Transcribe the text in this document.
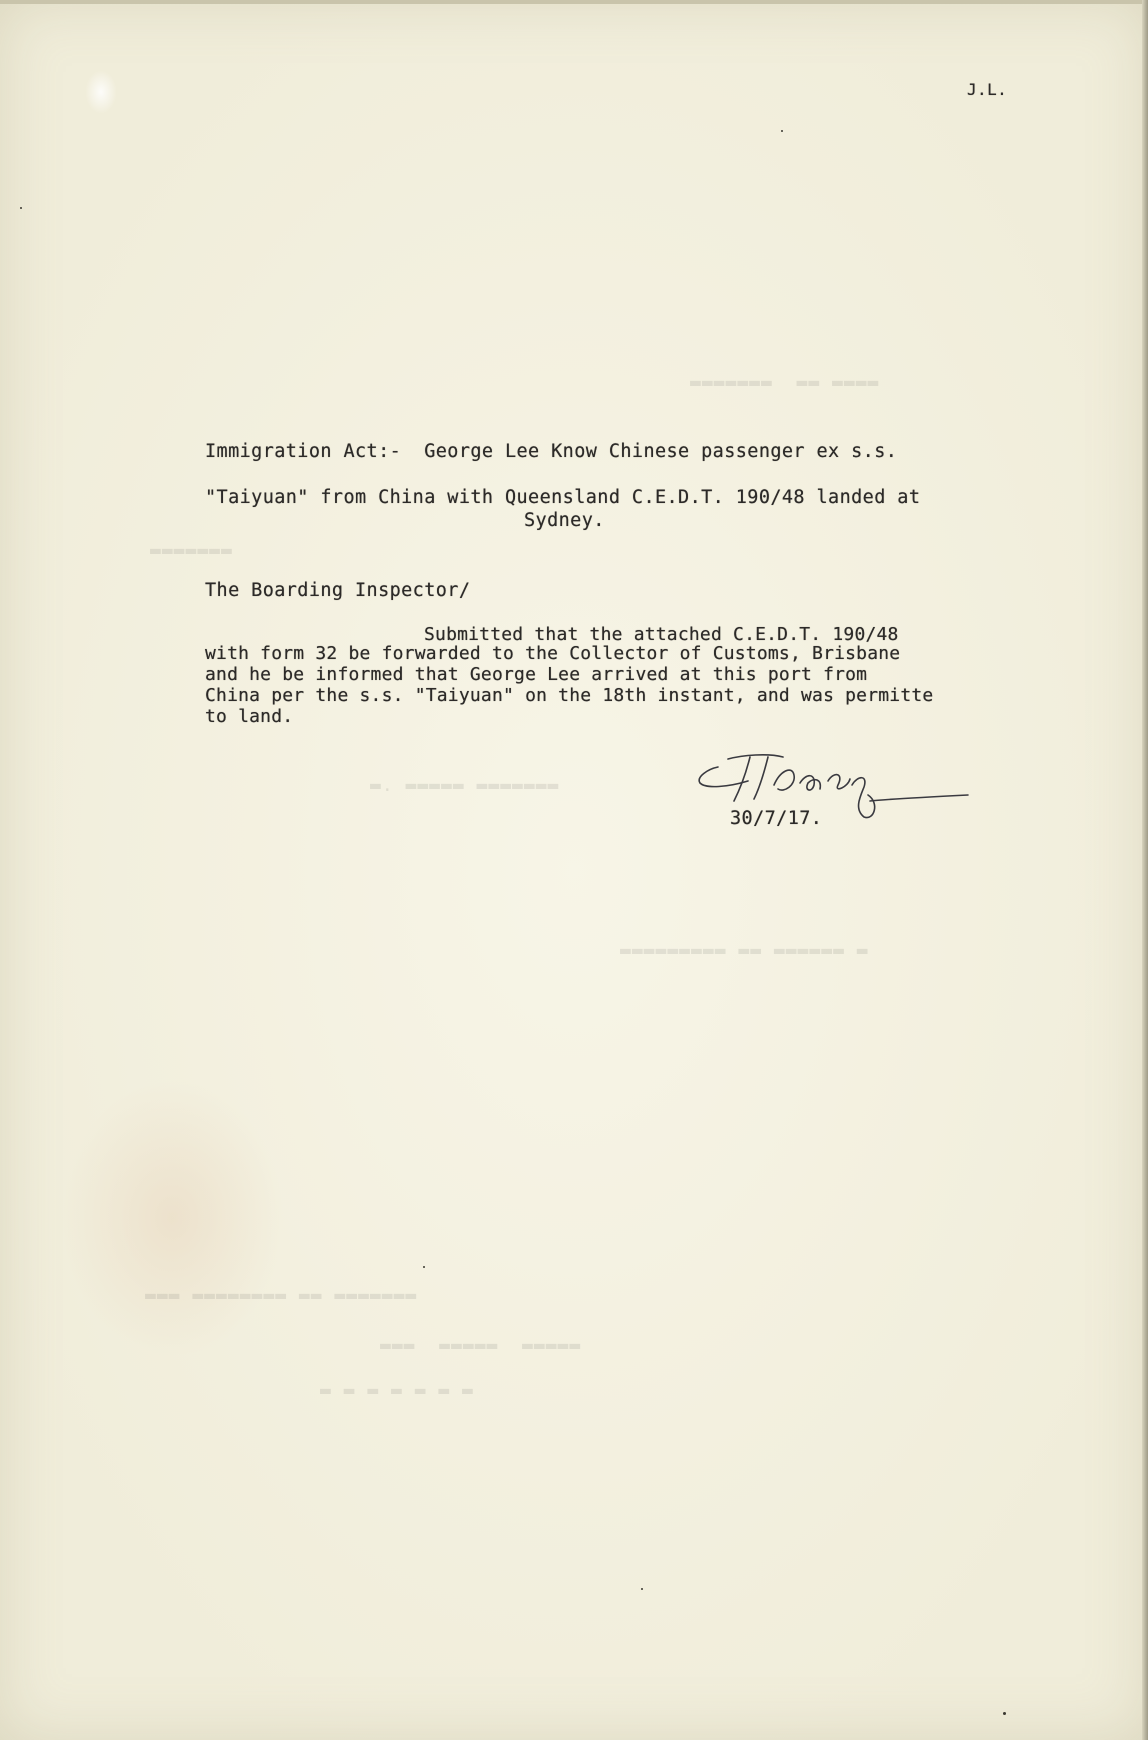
▬▬▬▬▬▬▬  ▬▬ ▬▬▬▬
▬▬▬▬▬▬▬
▬. ▬▬▬▬▬ ▬▬▬▬▬▬▬
▬▬▬▬▬▬▬▬▬ ▬▬ ▬▬▬▬▬▬ ▬
▬▬▬ ▬▬▬▬▬▬▬▬ ▬▬ ▬▬▬▬▬▬▬
▬▬▬  ▬▬▬▬▬  ▬▬▬▬▬
▬ ▬ ▬ ▬ ▬ ▬ ▬
J.L.
Immigration Act:-  George Lee Know Chinese passenger ex s.s.
"Taiyuan" from China with Queensland C.E.D.T. 190/48 landed at
Sydney.
The Boarding Inspector/
Submitted that the attached C.E.D.T. 190/48
with form 32 be forwarded to the Collector of Customs, Brisbane
and he be informed that George Lee arrived at this port from
China per the s.s. "Taiyuan" on the 18th instant, and was permitte
to land.
30/7/17.
